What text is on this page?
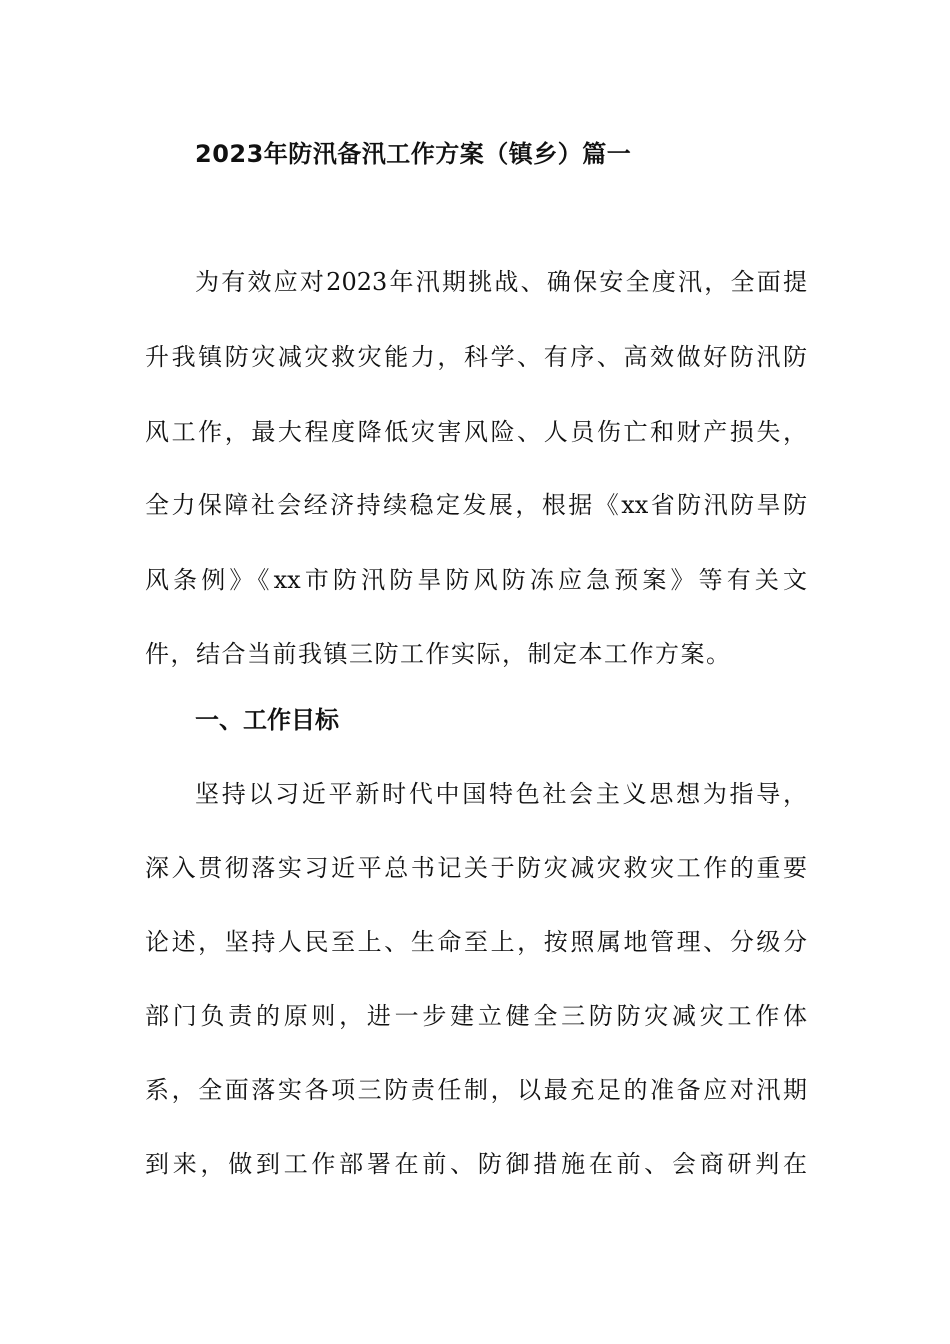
2023年防汛备汛工作方案（镇乡）篇一
为有效应对2023年汛期挑战、确保安全度汛，全面提
升我镇防灾减灾救灾能力，科学、有序、高效做好防汛防
风工作，最大程度降低灾害风险、人员伤亡和财产损失，
全力保障社会经济持续稳定发展，根据《xx省防汛防旱防
风条例》《xx市防汛防旱防风防冻应急预案》等有关文
件，结合当前我镇三防工作实际，制定本工作方案。
一、工作目标
坚持以习近平新时代中国特色社会主义思想为指导，
深入贯彻落实习近平总书记关于防灾减灾救灾工作的重要
论述，坚持人民至上、生命至上，按照属地管理、分级分
部门负责的原则，进一步建立健全三防防灾减灾工作体
系，全面落实各项三防责任制，以最充足的准备应对汛期
到来，做到工作部署在前、防御措施在前、会商研判在
